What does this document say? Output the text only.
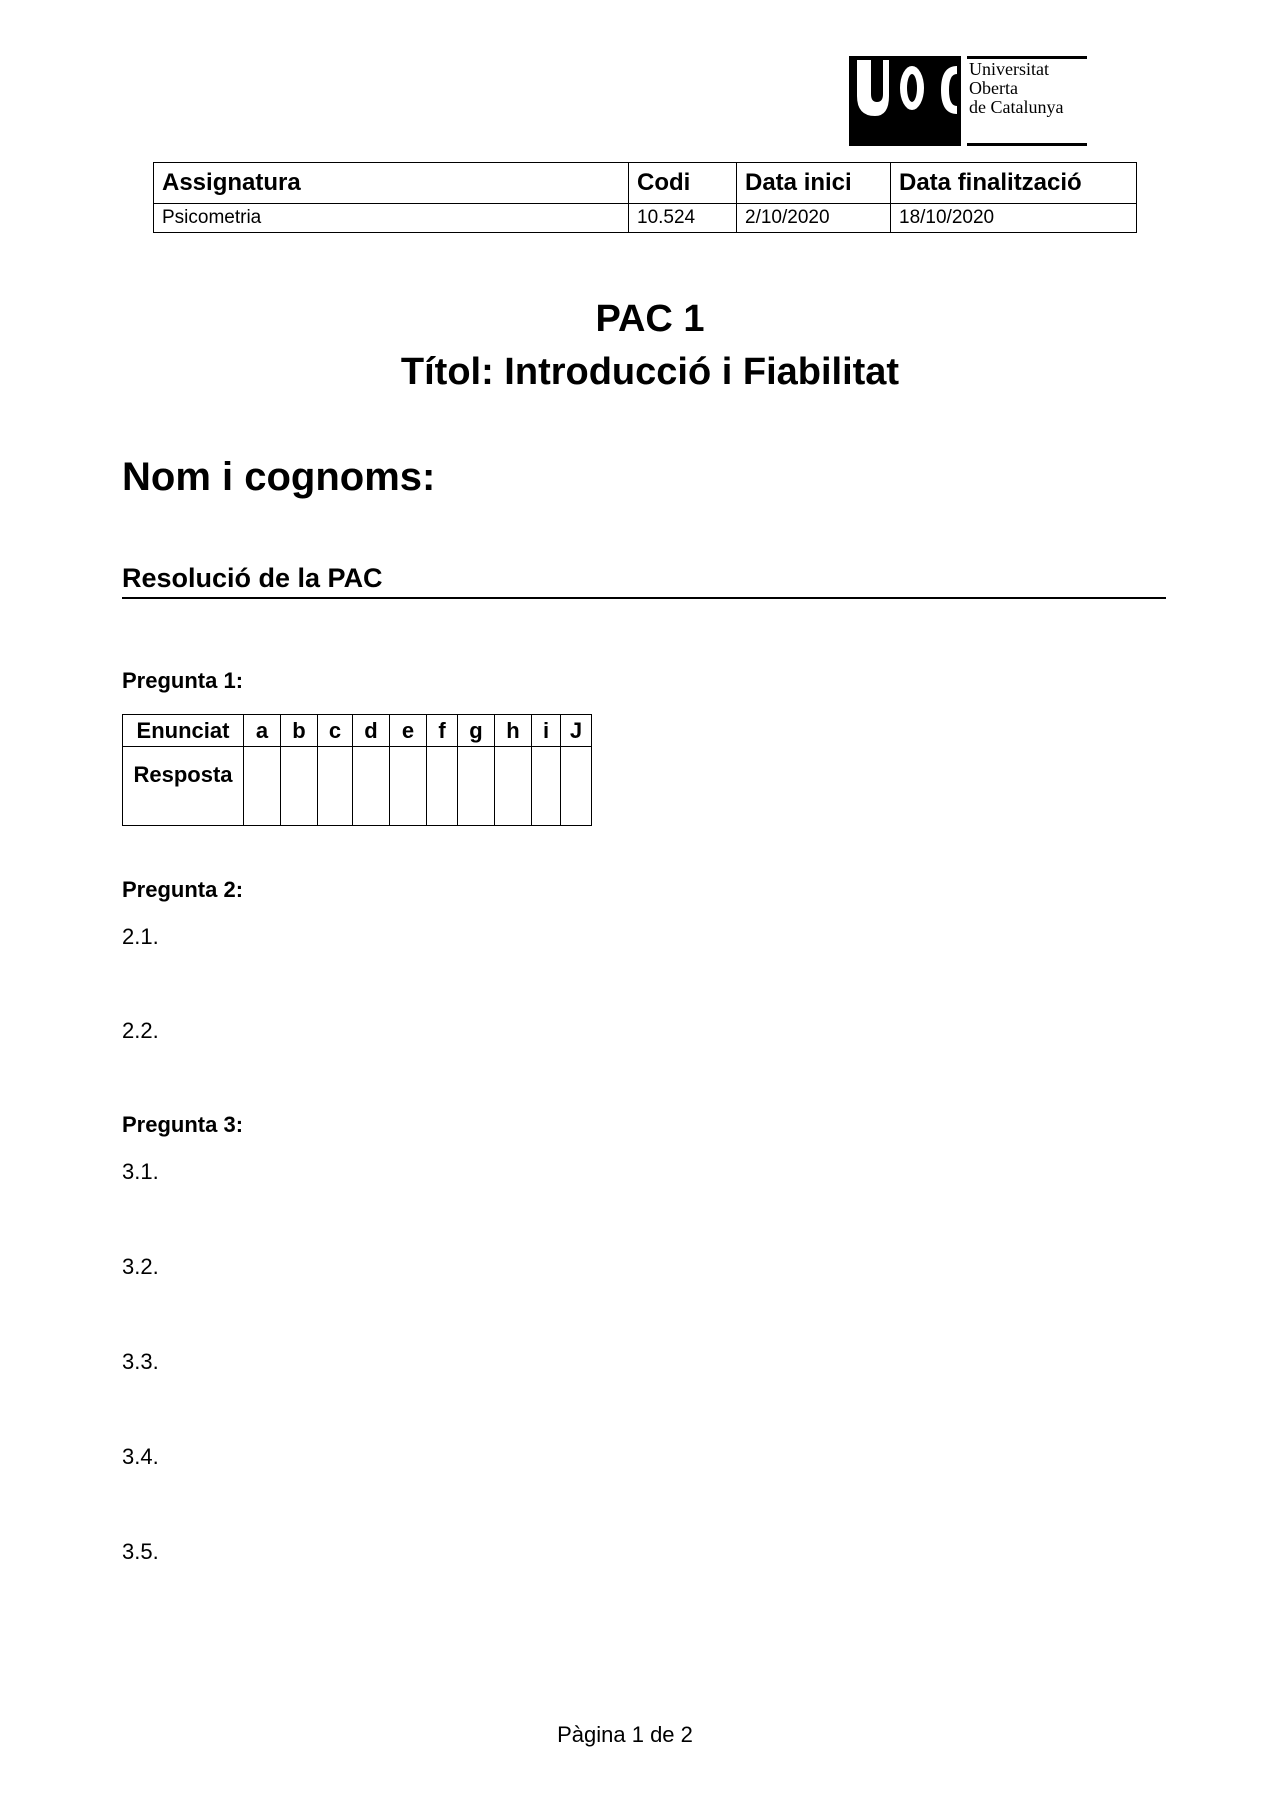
Universitat
Oberta
de Catalunya
Assignatura	Codi	Data inici	Data finalització
Psicometria	10.524	2/10/2020	18/10/2020
PAC 1
Títol: Introducció i Fiabilitat
Nom i cognoms:
Resolució de la PAC
Pregunta 1:
Enunciat	a	b	c	d	e	f	g	h	i	J

Resposta										

Pregunta 2:
2.1.
2.2.
Pregunta 3:
3.1.
3.2.
3.3.
3.4.
3.5.
Pàgina 1 de 2
